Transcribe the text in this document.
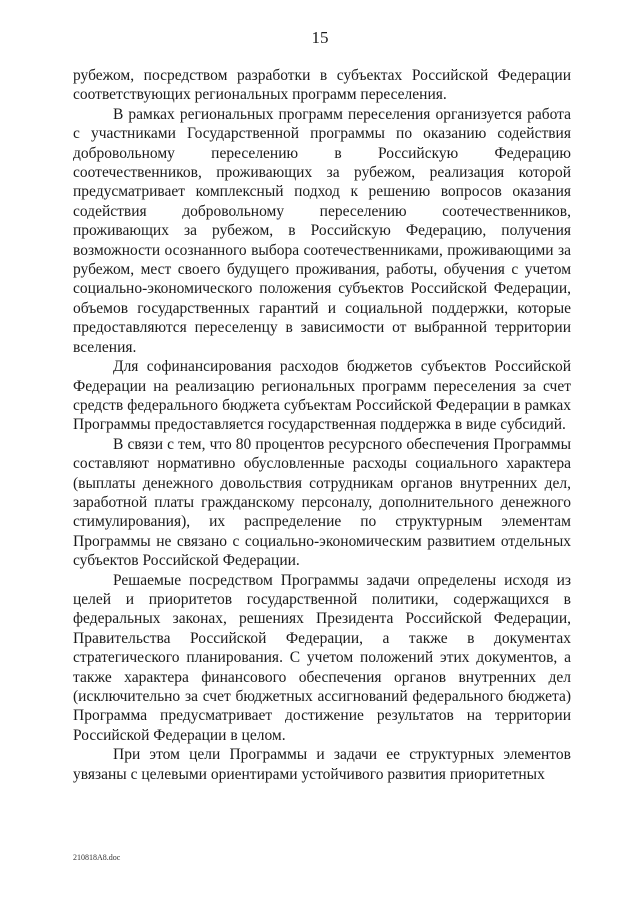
15

рубежом, посредством разработки в субъектах Российской Федерации соответствующих региональных программ переселения.

В рамках региональных программ переселения организуется работа с участниками Государственной программы по оказанию содействия добровольному переселению в Российскую Федерацию соотечественников, проживающих за рубежом, реализация которой предусматривает комплексный подход к решению вопросов оказания содействия добровольному переселению соотечественников, проживающих за рубежом, в Российскую Федерацию, получения возможности осознанного выбора соотечественниками, проживающими за рубежом, мест своего будущего проживания, работы, обучения с учетом социально-экономического положения субъектов Российской Федерации, объемов государственных гарантий и социальной поддержки, которые предоставляются переселенцу в зависимости от выбранной территории вселения.

Для софинансирования расходов бюджетов субъектов Российской Федерации на реализацию региональных программ переселения за счет средств федерального бюджета субъектам Российской Федерации в рамках Программы предоставляется государственная поддержка в виде субсидий.

В связи с тем, что 80 процентов ресурсного обеспечения Программы составляют нормативно обусловленные расходы социального характера (выплаты денежного довольствия сотрудникам органов внутренних дел, заработной платы гражданскому персоналу, дополнительного денежного стимулирования), их распределение по структурным элементам Программы не связано с социально-экономическим развитием отдельных субъектов Российской Федерации.

Решаемые посредством Программы задачи определены исходя из целей и приоритетов государственной политики, содержащихся в федеральных законах, решениях Президента Российской Федерации, Правительства Российской Федерации, а также в документах стратегического планирования. С учетом положений этих документов, а также характера финансового обеспечения органов внутренних дел (исключительно за счет бюджетных ассигнований федерального бюджета) Программа предусматривает достижение результатов на территории Российской Федерации в целом.

При этом цели Программы и задачи ее структурных элементов увязаны с целевыми ориентирами устойчивого развития приоритетных

210818A8.doc
